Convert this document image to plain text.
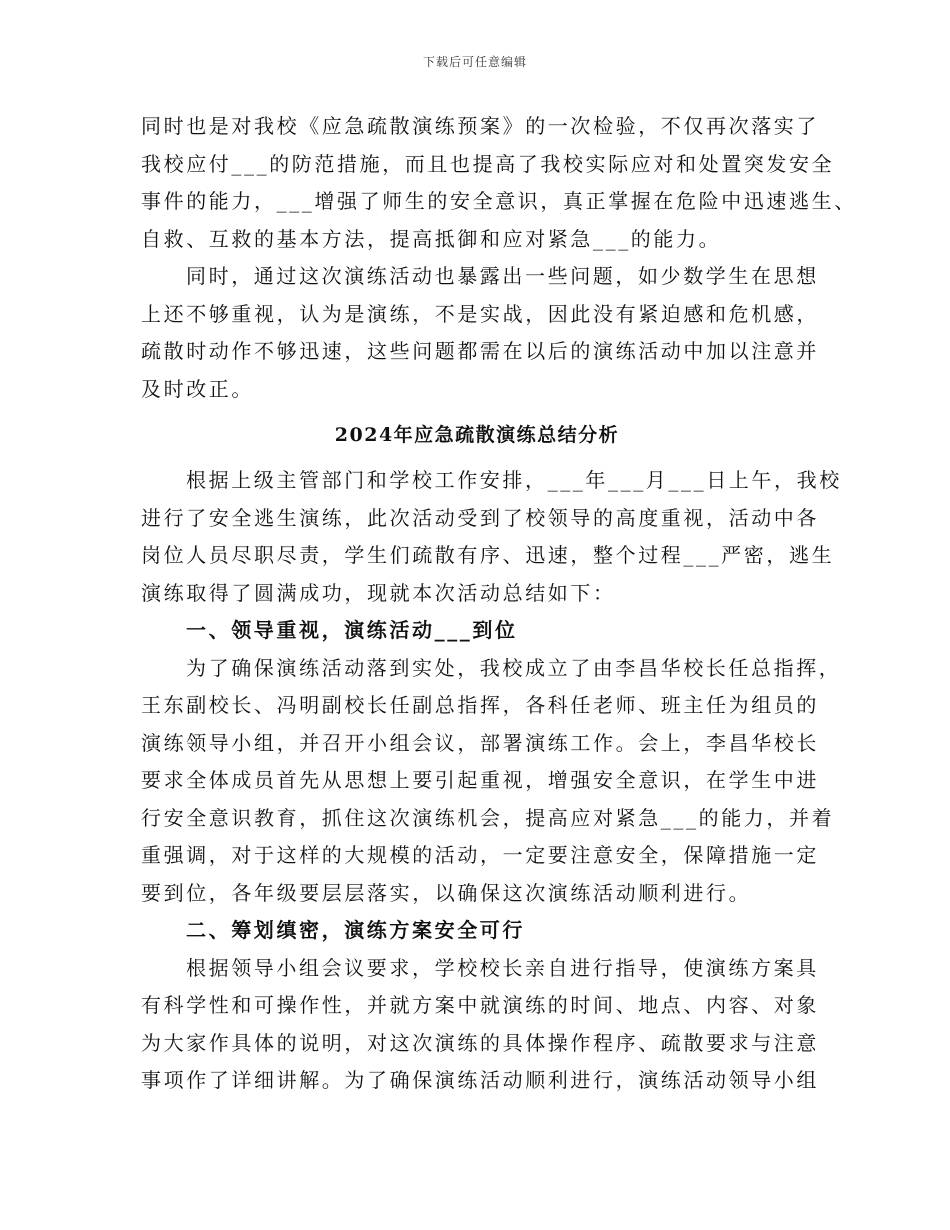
下载后可任意编辑

同时也是对我校《应急疏散演练预案》的一次检验，不仅再次落实了
我校应付___的防范措施，而且也提高了我校实际应对和处置突发安全
事件的能力，___增强了师生的安全意识，真正掌握在危险中迅速逃生、
自救、互救的基本方法，提高抵御和应对紧急___的能力。

同时，通过这次演练活动也暴露出一些问题，如少数学生在思想
上还不够重视，认为是演练，不是实战，因此没有紧迫感和危机感，
疏散时动作不够迅速，这些问题都需在以后的演练活动中加以注意并
及时改正。

2024年应急疏散演练总结分析

根据上级主管部门和学校工作安排，___年___月___日上午，我校
进行了安全逃生演练，此次活动受到了校领导的高度重视，活动中各
岗位人员尽职尽责，学生们疏散有序、迅速，整个过程___严密，逃生
演练取得了圆满成功，现就本次活动总结如下：

一、领导重视，演练活动___到位

为了确保演练活动落到实处，我校成立了由李昌华校长任总指挥，
王东副校长、冯明副校长任副总指挥，各科任老师、班主任为组员的
演练领导小组，并召开小组会议，部署演练工作。会上，李昌华校长
要求全体成员首先从思想上要引起重视，增强安全意识，在学生中进
行安全意识教育，抓住这次演练机会，提高应对紧急___的能力，并着
重强调，对于这样的大规模的活动，一定要注意安全，保障措施一定
要到位，各年级要层层落实，以确保这次演练活动顺利进行。

二、筹划缜密，演练方案安全可行

根据领导小组会议要求，学校校长亲自进行指导，使演练方案具
有科学性和可操作性，并就方案中就演练的时间、地点、内容、对象
为大家作具体的说明，对这次演练的具体操作程序、疏散要求与注意
事项作了详细讲解。为了确保演练活动顺利进行，演练活动领导小组
